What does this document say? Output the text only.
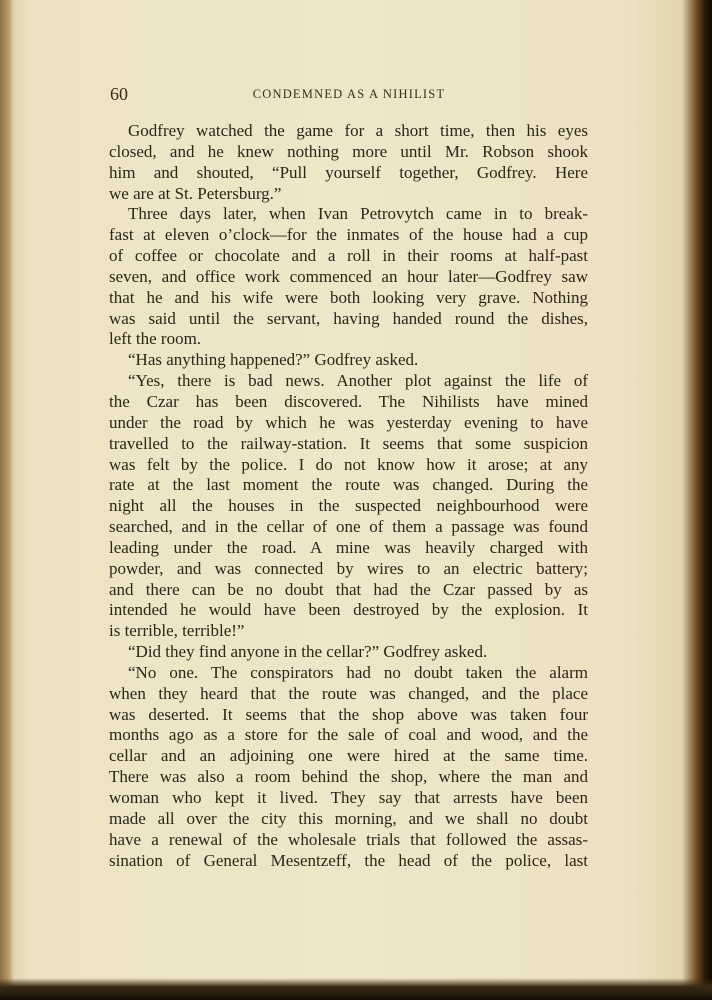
60	CONDEMNED AS A NIHILIST
Godfrey watched the game for a short time, then his eyes
closed, and he knew nothing more until Mr. Robson shook
him and shouted, “Pull yourself together, Godfrey. Here
we are at St. Petersburg.”
Three days later, when Ivan Petrovytch came in to break-
fast at eleven o’clock—for the inmates of the house had a cup
of coffee or chocolate and a roll in their rooms at half-past
seven, and office work commenced an hour later—Godfrey saw
that he and his wife were both looking very grave. Nothing
was said until the servant, having handed round the dishes,
left the room.
“Has anything happened?” Godfrey asked.
“Yes, there is bad news. Another plot against the life of
the Czar has been discovered. The Nihilists have mined
under the road by which he was yesterday evening to have
travelled to the railway-station. It seems that some suspicion
was felt by the police. I do not know how it arose; at any
rate at the last moment the route was changed. During the
night all the houses in the suspected neighbourhood were
searched, and in the cellar of one of them a passage was found
leading under the road. A mine was heavily charged with
powder, and was connected by wires to an electric battery;
and there can be no doubt that had the Czar passed by as
intended he would have been destroyed by the explosion. It
is terrible, terrible!”
“Did they find anyone in the cellar?” Godfrey asked.
“No one. The conspirators had no doubt taken the alarm
when they heard that the route was changed, and the place
was deserted. It seems that the shop above was taken four
months ago as a store for the sale of coal and wood, and the
cellar and an adjoining one were hired at the same time.
There was also a room behind the shop, where the man and
woman who kept it lived. They say that arrests have been
made all over the city this morning, and we shall no doubt
have a renewal of the wholesale trials that followed the assas-
sination of General Mesentzeff, the head of the police, last
